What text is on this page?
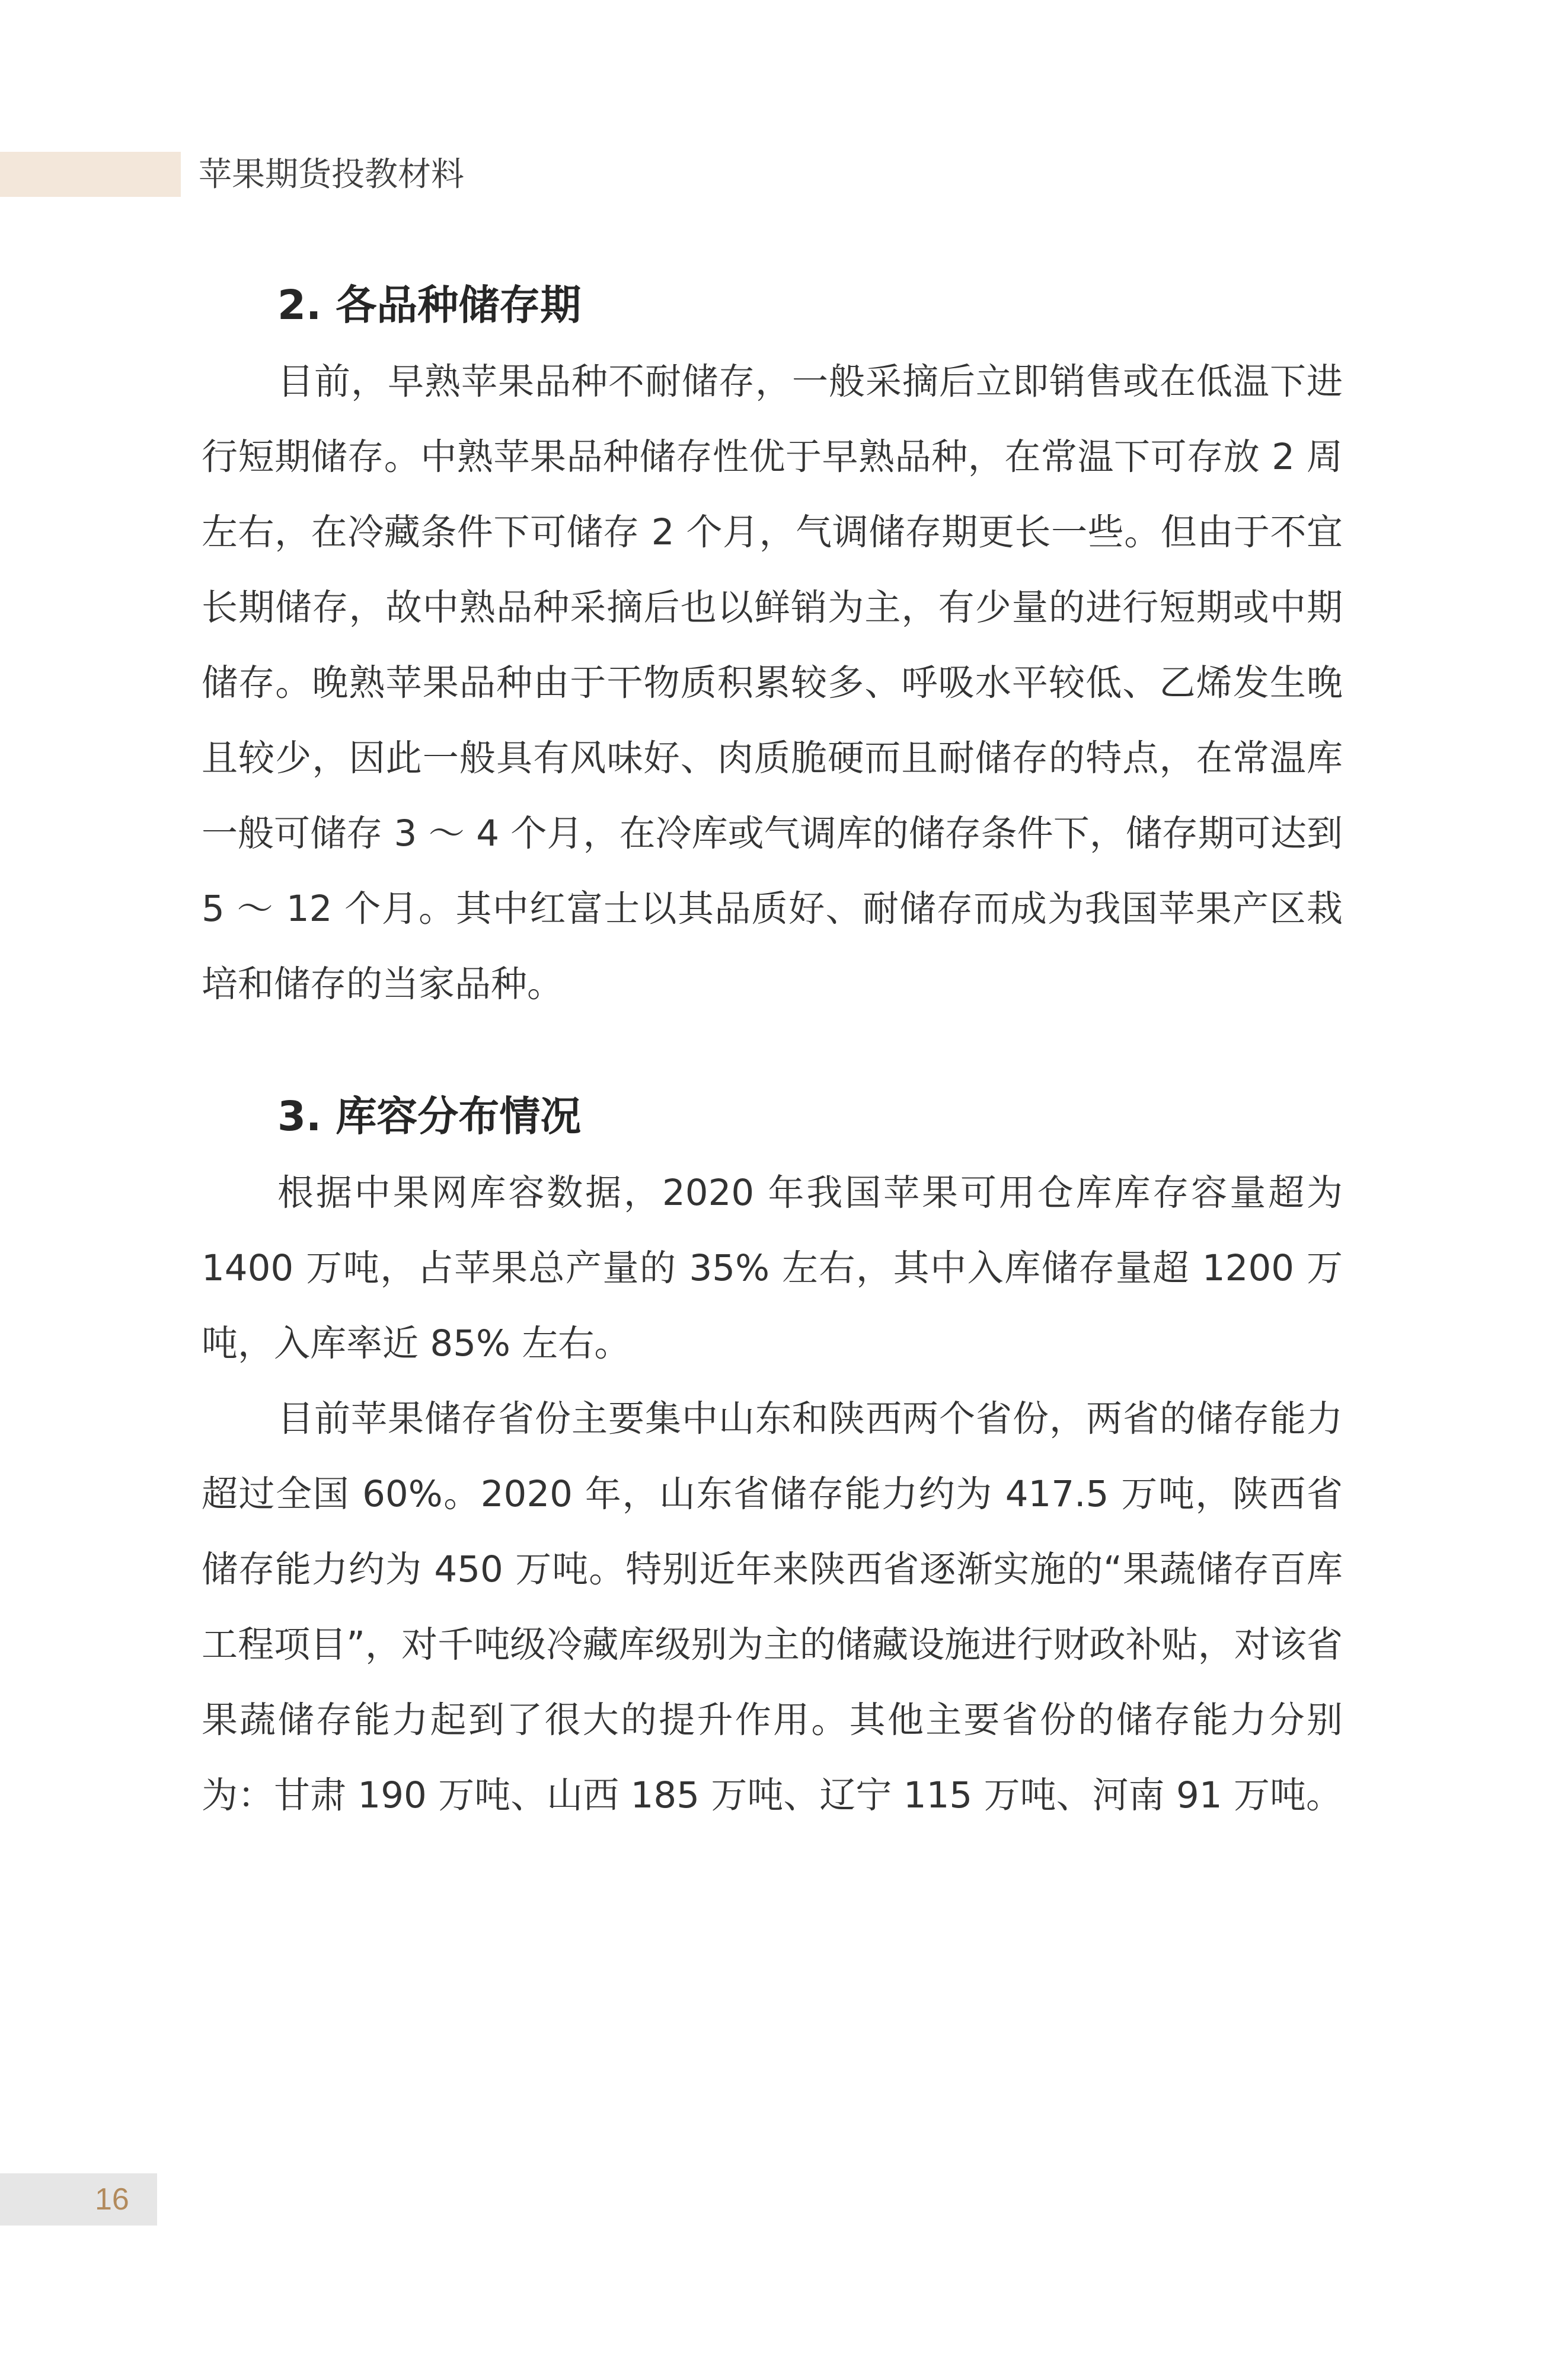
苹果期货投教材料
2. 各品种储存期

目前，早熟苹果品种不耐储存，一般采摘后立即销售或在低温下进行短期储存。中熟苹果品种储存性优于早熟品种，在常温下可存放 2 周左右，在冷藏条件下可储存 2 个月，气调储存期更长一些。但由于不宜长期储存，故中熟品种采摘后也以鲜销为主，有少量的进行短期或中期储存。晚熟苹果品种由于干物质积累较多、呼吸水平较低、乙烯发生晚且较少，因此一般具有风味好、肉质脆硬而且耐储存的特点，在常温库一般可储存 3 ～ 4 个月，在冷库或气调库的储存条件下，储存期可达到 5 ～ 12 个月。其中红富士以其品质好、耐储存而成为我国苹果产区栽培和储存的当家品种。

3. 库容分布情况

根据中果网库容数据，2020 年我国苹果可用仓库库存容量超为 1400 万吨，占苹果总产量的 35% 左右，其中入库储存量超 1200 万吨，入库率近 85% 左右。

目前苹果储存省份主要集中山东和陕西两个省份，两省的储存能力超过全国 60%。2020 年，山东省储存能力约为 417.5 万吨，陕西省储存能力约为 450 万吨。特别近年来陕西省逐渐实施的“果蔬储存百库工程项目”，对千吨级冷藏库级别为主的储藏设施进行财政补贴，对该省果蔬储存能力起到了很大的提升作用。其他主要省份的储存能力分别为：甘肃 190 万吨、山西 185 万吨、辽宁 115 万吨、河南 91 万吨。

16
